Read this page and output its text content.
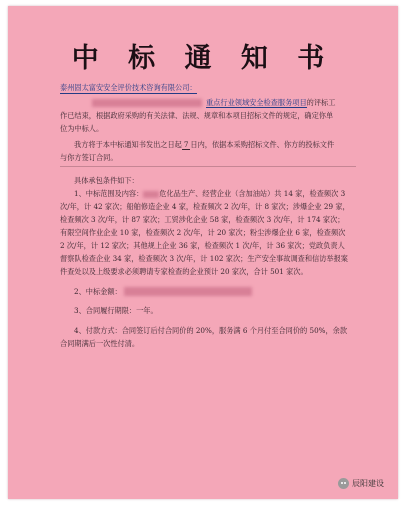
中 标 通 知 书
泰州固太富安安全评价技术咨询有限公司：
重点行业领域安全检查服务项目的评标工
作已结束，根据政府采购的有关法律、法规、规章和本项目招标文件的规定，确定你单
位为中标人。
我方将于本中标通知书发出之日起 7 日内，依据本采购招标文件、你方的投标文件
与你方签订合同。
具体承包条件如下：
1、中标范围及内容： 危化品生产、经营企业（含加油站）共 14 家，检查频次 3
次/年，计 42 家次；船舶修造企业 4 家，检查频次 2 次/年，计 8 家次；涉爆企业 29 家，
检查频次 3 次/年，计 87 家次；工贸涉化企业 58 家，检查频次 3 次/年，计 174 家次；
有限空间作业企业 10 家，检查频次 2 次/年，计 20 家次；粉尘涉爆企业 6 家，检查频次
2 次/年，计 12 家次；其他规上企业 36 家，检查频次 1 次/年，计 36 家次；党政负责人
督察队检查企业 34 家，检查频次 3 次/年，计 102 家次；生产安全事故调查和信访举报案
件查处以及上级要求必须聘请专家检查的企业预计 20 家次，合计 501 家次。
2、中标金额：
3、合同履行期限：一年。
4、付款方式：合同签订后付合同价的 20%，服务满 6 个月付至合同价的 50%，余款
合同期满后一次性付清。
辰阳建设
